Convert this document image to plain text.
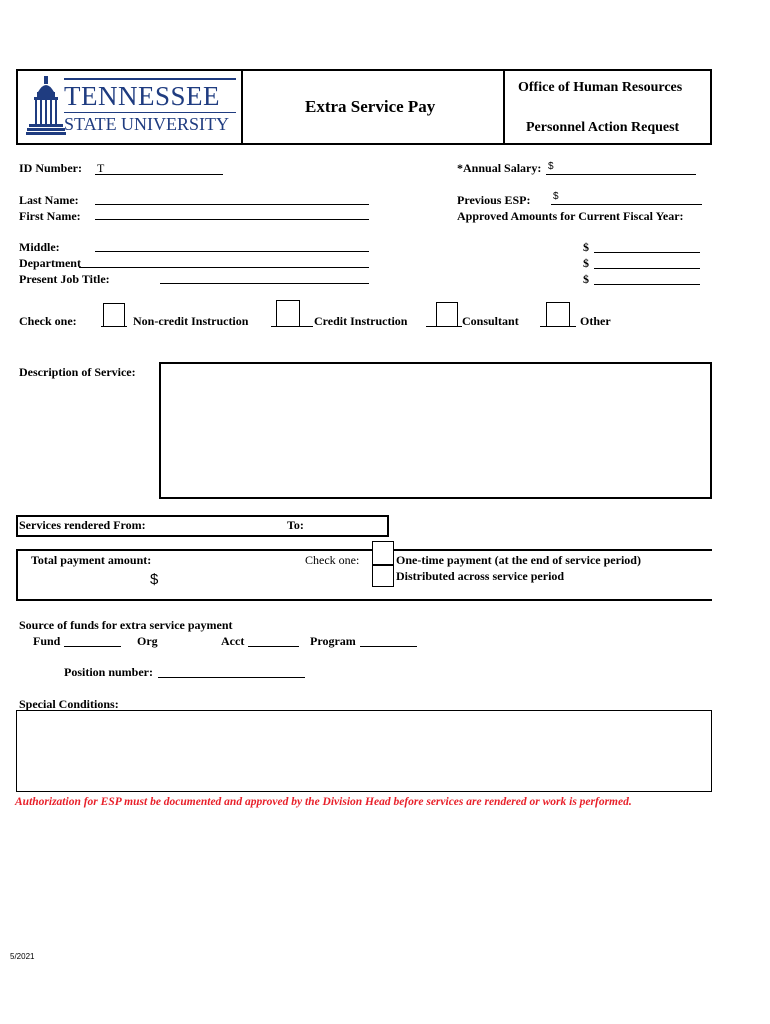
TENNESSEE
STATE UNIVERSITY
Extra Service Pay
Office of Human Resources
Personnel Action Request
ID Number: T	*Annual Salary: $
Last Name:
First Name:
Previous ESP: $
Approved Amounts for Current Fiscal Year:
Middle:
Department
Present Job Title:
$
$
$
Check one:	Non-credit Instruction	Credit Instruction	Consultant	Other
Description of Service:
Services rendered From:	To:
Total payment amount:
$
Check one:	One-time payment (at the end of service period)
Distributed across service period
Source of funds for extra service payment
Fund	Org	Acct	Program
Position number:
Special Conditions:
Authorization for ESP must be documented and approved by the Division Head before services are rendered or work is performed.
5/2021
